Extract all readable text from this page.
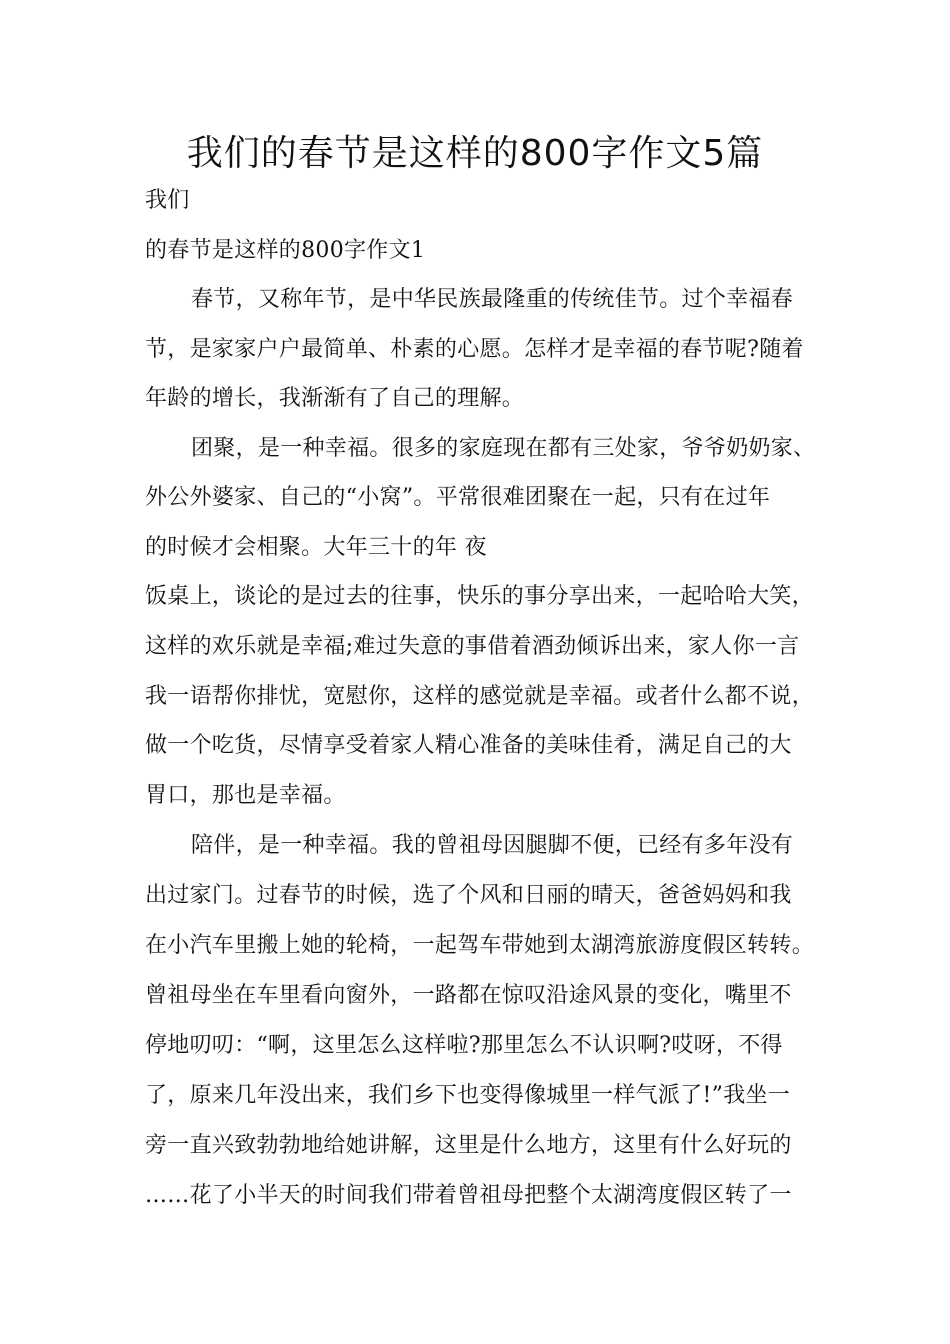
我们的春节是这样的800字作文5篇
我们
的春节是这样的800字作文1
春节，又称年节，是中华民族最隆重的传统佳节。过个幸福春
节，是家家户户最简单、朴素的心愿。怎样才是幸福的春节呢?随着
年龄的增长，我渐渐有了自己的理解。
团聚，是一种幸福。很多的家庭现在都有三处家，爷爷奶奶家、
外公外婆家、自己的“小窝”。平常很难团聚在一起，只有在过年
的时候才会相聚。大年三十的年 夜
饭桌上，谈论的是过去的往事，快乐的事分享出来，一起哈哈大笑，
这样的欢乐就是幸福;难过失意的事借着酒劲倾诉出来，家人你一言
我一语帮你排忧，宽慰你，这样的感觉就是幸福。或者什么都不说，
做一个吃货，尽情享受着家人精心准备的美味佳肴，满足自己的大
胃口，那也是幸福。
陪伴，是一种幸福。我的曾祖母因腿脚不便，已经有多年没有
出过家门。过春节的时候，选了个风和日丽的晴天，爸爸妈妈和我
在小汽车里搬上她的轮椅，一起驾车带她到太湖湾旅游度假区转转。
曾祖母坐在车里看向窗外，一路都在惊叹沿途风景的变化，嘴里不
停地叨叨：“啊，这里怎么这样啦?那里怎么不认识啊?哎呀，不得
了，原来几年没出来，我们乡下也变得像城里一样气派了!”我坐一
旁一直兴致勃勃地给她讲解，这里是什么地方，这里有什么好玩的
……花了小半天的时间我们带着曾祖母把整个太湖湾度假区转了一
